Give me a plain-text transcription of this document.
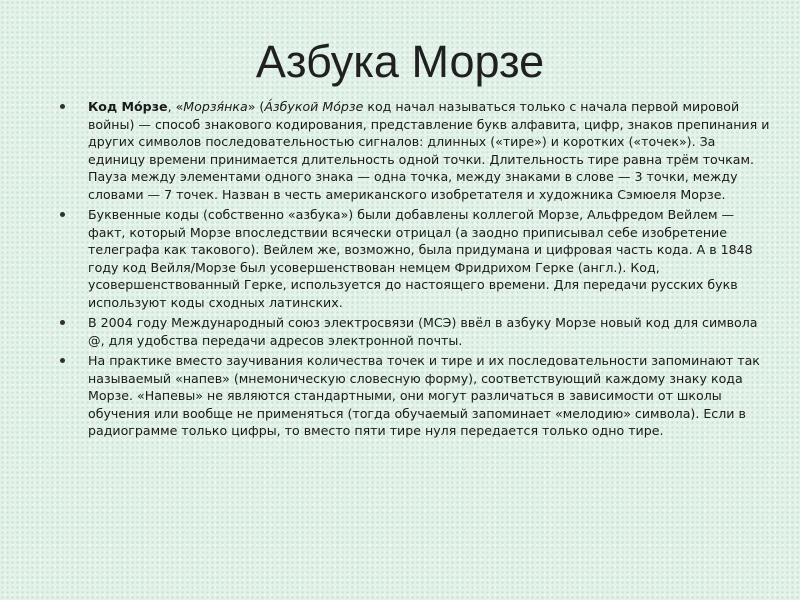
Азбука Морзе
Код Мо́рзе, «Морзя́нка» (А́збукой Мо́рзе код начал называться только с начала первой мировой войны) — способ знакового кодирования, представление букв алфавита, цифр, знаков препинания и других символов последовательностью сигналов: длинных («тире») и коротких («точек»). За единицу времени принимается длительность одной точки. Длительность тире равна трём точкам. Пауза между элементами одного знака — одна точка, между знаками в слове — 3 точки, между словами — 7 точек. Назван в честь американского изобретателя и художника Сэмюеля Морзе.
Буквенные коды (собственно «азбука») были добавлены коллегой Морзе, Альфредом Вейлем — факт, который Морзе впоследствии всячески отрицал (а заодно приписывал себе изобретение телеграфа как такового). Вейлем же, возможно, была придумана и цифровая часть кода. А в 1848 году код Вейля/Морзе был усовершенствован немцем Фридрихом Герке (англ.). Код, усовершенствованный Герке, используется до настоящего времени. Для передачи русских букв используют коды сходных латинских.
В 2004 году Международный союз электросвязи (МСЭ) ввёл в азбуку Морзе новый код для символа @, для удобства передачи адресов электронной почты.
На практике вместо заучивания количества точек и тире и их последовательности запоминают так называемый «напев» (мнемоническую словесную форму), соответствующий каждому знаку кода Морзе. «Напевы» не являются стандартными, они могут различаться в зависимости от школы обучения или вообще не применяться (тогда обучаемый запоминает «мелодию» символа). Если в радиограмме только цифры, то вместо пяти тире нуля передается только одно тире.
